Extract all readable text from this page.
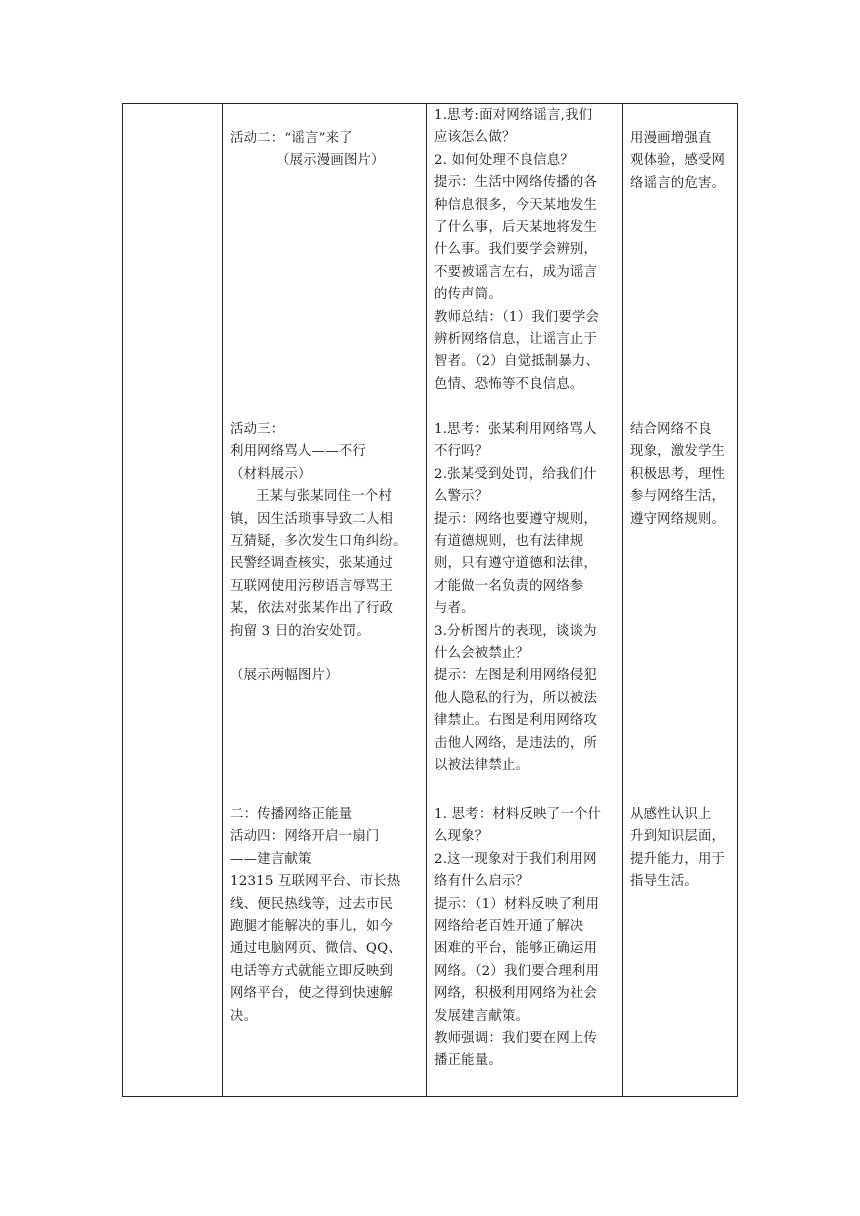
活动二：“谣言”来了

（展示漫画图片）

1.思考:面对网络谣言,我们

应该怎么做？

2. 如何处理不良信息？

提示：生活中网络传播的各

种信息很多，今天某地发生

了什么事，后天某地将发生

什么事。我们要学会辨别，

不要被谣言左右，成为谣言

的传声筒。

教师总结：（1）我们要学会

辨析网络信息，让谣言止于

智者。（2）自觉抵制暴力、

色情、恐怖等不良信息。

用漫画增强直

观体验，感受网

络谣言的危害。

活动三：

利用网络骂人——不行

（材料展示）

王某与张某同住一个村

镇，因生活琐事导致二人相

互猜疑，多次发生口角纠纷。

民警经调查核实，张某通过

互联网使用污秽语言辱骂王

某，依法对张某作出了行政

拘留 3 日的治安处罚。

（展示两幅图片）

1.思考：张某利用网络骂人

不行吗？

2.张某受到处罚，给我们什

么警示？

提示：网络也要遵守规则，

有道德规则，也有法律规

则，只有遵守道德和法律，

才能做一名负责的网络参

与者。

3.分析图片的表现，谈谈为

什么会被禁止？

提示：左图是利用网络侵犯

他人隐私的行为，所以被法

律禁止。右图是利用网络攻

击他人网络，是违法的，所

以被法律禁止。

结合网络不良

现象，激发学生

积极思考，理性

参与网络生活，

遵守网络规则。

二：传播网络正能量

活动四：网络开启一扇门

——建言献策

12315 互联网平台、市长热

线、便民热线等，过去市民

跑腿才能解决的事儿，如今

通过电脑网页、微信、QQ、

电话等方式就能立即反映到

网络平台，使之得到快速解

决。

1. 思考：材料反映了一个什

么现象？

2.这一现象对于我们利用网

络有什么启示？

提示：（1）材料反映了利用

网络给老百姓开通了解决

困难的平台，能够正确运用

网络。（2）我们要合理利用

网络，积极利用网络为社会

发展建言献策。

教师强调：我们要在网上传

播正能量。

从感性认识上

升到知识层面，

提升能力，用于

指导生活。
